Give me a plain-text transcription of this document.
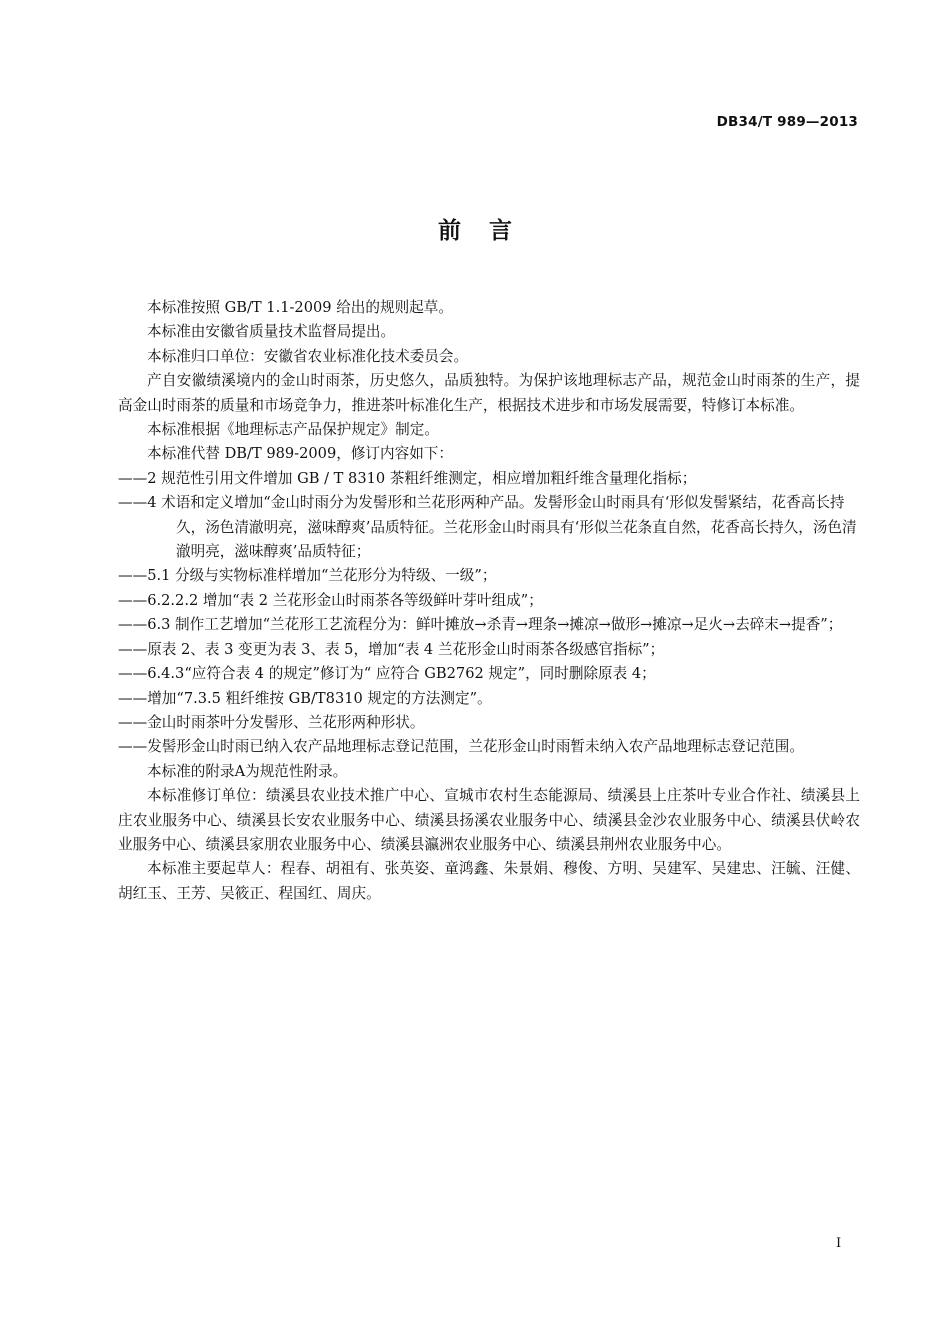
DB34/T 989—2013
前言

本标准按照 GB/T 1.1-2009 给出的规则起草。

本标准由安徽省质量技术监督局提出。

本标准归口单位：安徽省农业标准化技术委员会。

产自安徽绩溪境内的金山时雨茶，历史悠久，品质独特。为保护该地理标志产品，规范金山时雨茶的生产，提高金山时雨茶的质量和市场竞争力，推进茶叶标准化生产，根据技术进步和市场发展需要，特修订本标准。

本标准根据《地理标志产品保护规定》制定。

本标准代替 DB/T 989-2009，修订内容如下：

——2 规范性引用文件增加 GB / T 8310 茶粗纤维测定，相应增加粗纤维含量理化指标；

——4 术语和定义增加“金山时雨分为发髻形和兰花形两种产品。发髻形金山时雨具有‘形似发髻紧结，花香高长持久，汤色清澈明亮，滋味醇爽’品质特征。兰花形金山时雨具有‘形似兰花条直自然，花香高长持久，汤色清澈明亮，滋味醇爽’品质特征；

——5.1 分级与实物标准样增加“兰花形分为特级、一级”；

——6.2.2.2 增加“表 2 兰花形金山时雨茶各等级鲜叶芽叶组成”；

——6.3 制作工艺增加“兰花形工艺流程分为：鲜叶摊放→杀青→理条→摊凉→做形→摊凉→足火→去碎末→提香”；

——原表 2、表 3 变更为表 3、表 5，增加“表 4 兰花形金山时雨茶各级感官指标”；

——6.4.3“应符合表 4 的规定”修订为“ 应符合 GB2762 规定”，同时删除原表 4；

——增加“7.3.5 粗纤维按 GB/T8310 规定的方法测定”。

——金山时雨茶叶分发髻形、兰花形两种形状。

——发髻形金山时雨已纳入农产品地理标志登记范围，兰花形金山时雨暂未纳入农产品地理标志登记范围。

本标准的附录A为规范性附录。

本标准修订单位：绩溪县农业技术推广中心、宣城市农村生态能源局、绩溪县上庄茶叶专业合作社、绩溪县上庄农业服务中心、绩溪县长安农业服务中心、绩溪县扬溪农业服务中心、绩溪县金沙农业服务中心、绩溪县伏岭农业服务中心、绩溪县家朋农业服务中心、绩溪县瀛洲农业服务中心、绩溪县荆州农业服务中心。

本标准主要起草人：程春、胡祖有、张英姿、童鸿鑫、朱景娟、穆俊、方明、吴建军、吴建忠、汪毓、汪健、胡红玉、王芳、吴筱正、程国红、周庆。

I
